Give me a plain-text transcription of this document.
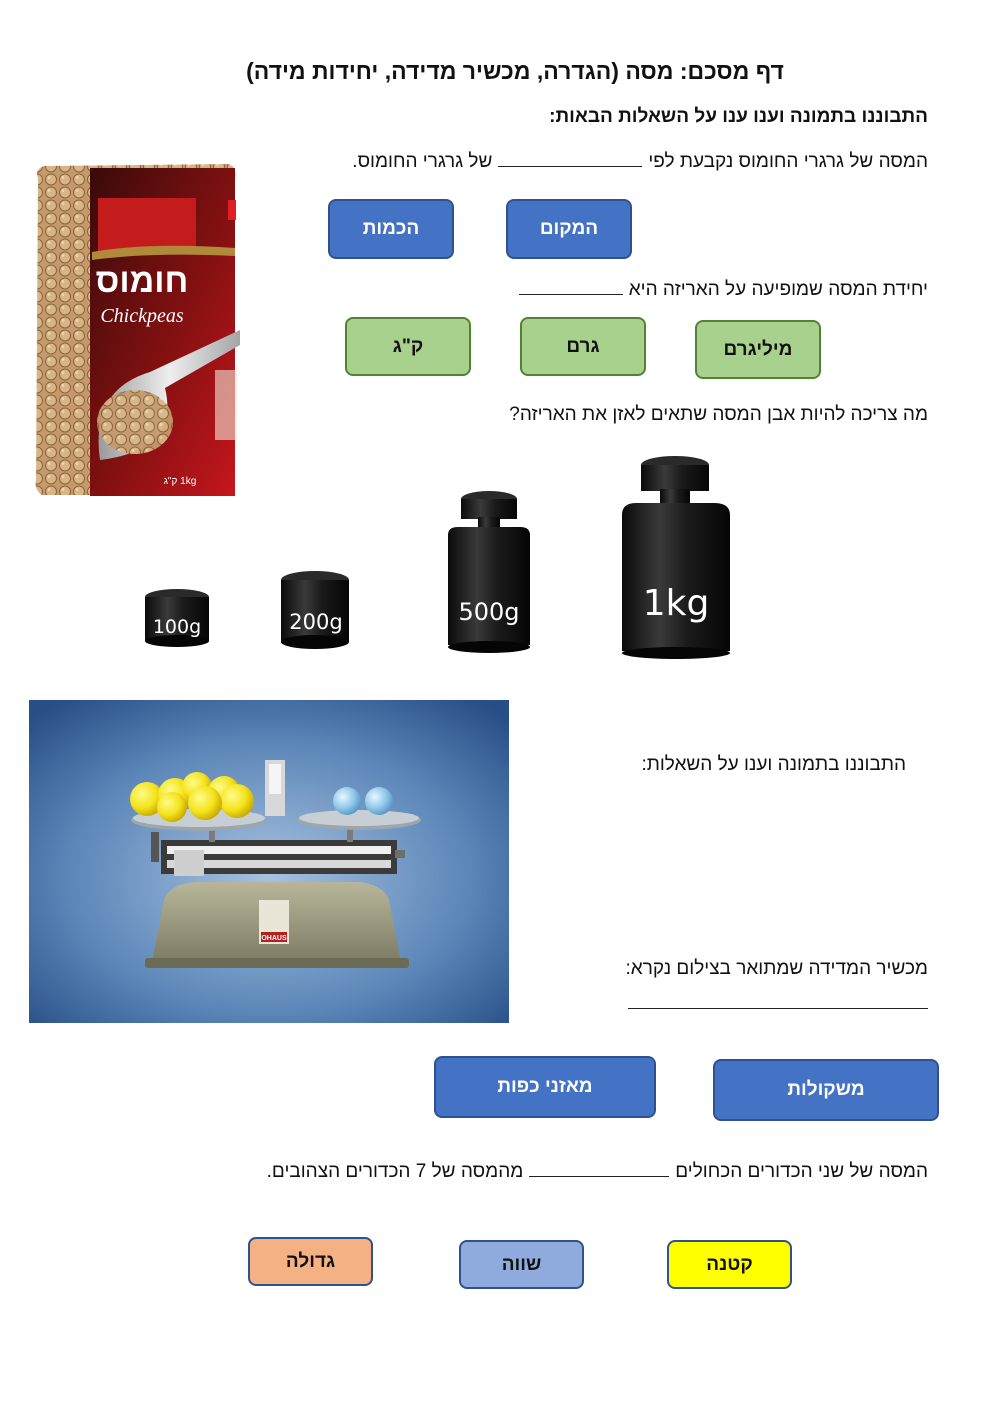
דף מסכם: מסה (הגדרה, מכשיר מדידה, יחידות מידה)
התבוננו בתמונה וענו ענו על השאלות הבאות:
חומוס
Chickpeas
1kg ק"ג
המסה של גרגרי החומוס נקבעת לפישל גרגרי החומוס.
המקום
הכמות
יחידת המסה שמופיעה על האריזה היא
מיליגרם
גרם
ק"ג
מה צריכה להיות אבן המסה שתאים לאזן את האריזה?
100g	200g	500g	1kg
OHAUS
התבוננו בתמונה וענו על השאלות:
מכשיר המדידה שמתואר בצילום נקרא:
משקולות
מאזני כפות
המסה של שני הכדורים הכחוליםמהמסה של 7 הכדורים הצהובים.
קטנה
שווה
גדולה
